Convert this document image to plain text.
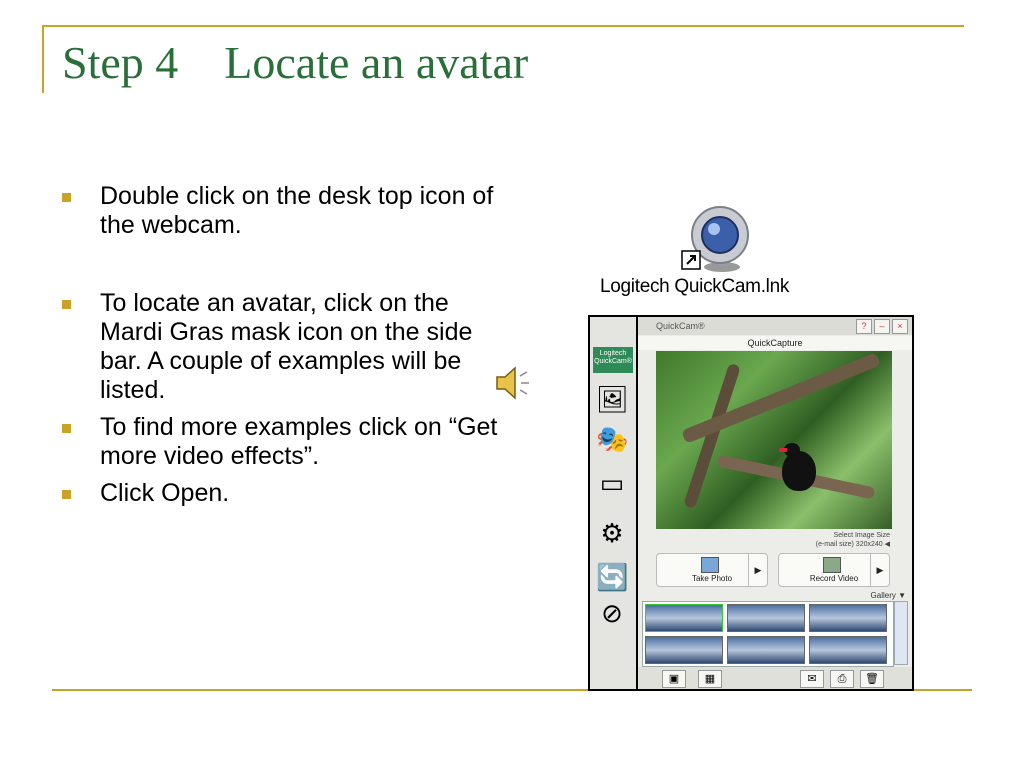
Step 4    Locate an avatar
Double click on the desk top icon of the webcam.
To locate an avatar, click on the Mardi Gras mask icon on the side bar. A couple of examples will be listed.
To find more examples click on “Get more video effects”.
Click Open.
Logitech QuickCam.lnk
Logitech QuickCam®
🖼
🎭
▭
⚙
🔄
⊘
QuickCam®	?	–	×
QuickCapture
Select Image Size
(e-mail size) 320x240 ◀
Take Photo
▶
Record Video
▶
Gallery ▼
▣	▦	✉	⎙	🗑
